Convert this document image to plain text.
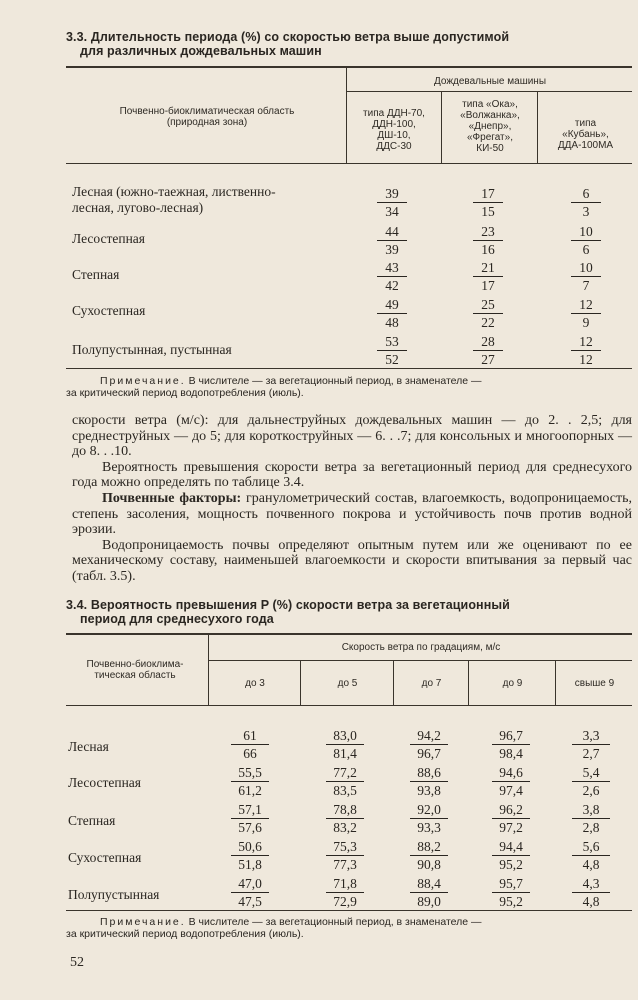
3.3. Длительность периода (%) со скоростью ветра выше допустимой
для различных дождевальных машин
Почвенно-биоклиматическая область
(природная зона)
Дождевальные машины
типа ДДН-70,
ДДН-100,
ДШ-10,
ДДС-30
типа «Ока»,
«Волжанка»,
«Днепр»,
«Фрегат»,
КИ-50
типа
«Кубань»,
ДДА-100МА
Лесная (южно-таежная, лиственно-
лесная, лугово-лесная)	$\frac{39}{34}$	$\frac{17}{15}$	$\frac{6}{3}$
Лесостепная	$\frac{44}{39}$	$\frac{23}{16}$	$\frac{10}{6}$
Степная	$\frac{43}{42}$	$\frac{21}{17}$	$\frac{10}{7}$
Сухостепная	$\frac{49}{48}$	$\frac{25}{22}$	$\frac{12}{9}$
Полупустынная, пустынная	$\frac{53}{52}$	$\frac{28}{27}$	$\frac{12}{12}$
Примечание. В числителе — за вегетационный период, в знаменателе —
за критический период водопотребления (июль).

скорости ветра (м/с): для дальнеструйных дождевальных машин — до 2. . 2,5; для среднеструйных — до 5; для короткоструйных — 6. . .7; для консольных и многоопорных — до 8. . .10.

Вероятность превышения скорости ветра за вегетационный период для среднесухого года можно определять по таблице 3.4.

Почвенные факторы: гранулометрический состав, влагоемкость, водопроницаемость, степень засоления, мощность почвенного покрова и устойчивость почв против водной эрозии.

Водопроницаемость почвы определяют опытным путем или же оценивают по ее механическому составу, наименьшей влагоемкости и скорости впитывания за первый час (табл. 3.5).

3.4. Вероятность превышения P (%) скорости ветра за вегетационный
период для среднесухого года
Почвенно-биоклима-
тическая область
Скорость ветра по градациям, м/с
до 3	до 5	до 7	до 9	свыше 9
Лесная	$\frac{61}{66} \frac{83,0}{81,4} \frac{94,2}{96,7} \frac{96,7}{98,4} \frac{3,3}{2,7}$
Лесостепная	$\frac{55,5}{61,2} \frac{77,2}{83,5} \frac{88,6}{93,8} \frac{94,6}{97,4} \frac{5,4}{2,6}$
Степная	$\frac{57,1}{57,6} \frac{78,8}{83,2} \frac{92,0}{93,3} \frac{96,2}{97,2} \frac{3,8}{2,8}$
Сухостепная	$\frac{50,6}{51,8} \frac{75,3}{77,3} \frac{88,2}{90,8} \frac{94,4}{95,2} \frac{5,6}{4,8}$
Полупустынная	$\frac{47,0}{47,5} \frac{71,8}{72,9} \frac{88,4}{89,0} \frac{95,7}{95,2} \frac{4,3}{4,8}$
Примечание. В числителе — за вегетационный период, в знаменателе —
за критический период водопотребления (июль).
52
